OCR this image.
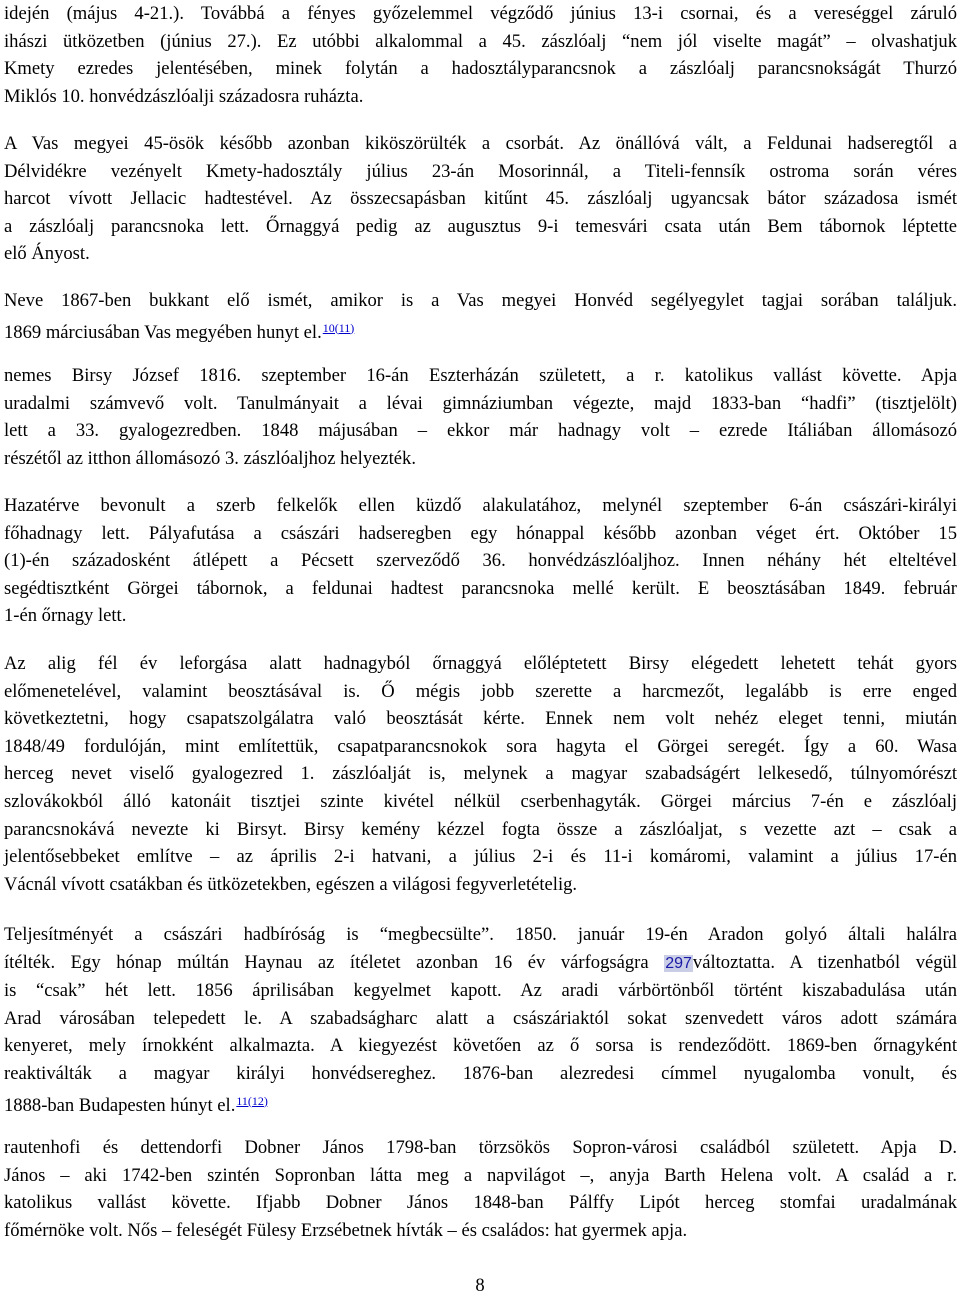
idején (május 4-21.). Továbbá a fényes győzelemmel végződő június 13-i csornai, és a vereséggel záruló
ihászi ütközetben (június 27.). Ez utóbbi alkalommal a 45. zászlóalj “nem jól viselte magát” – olvashatjuk
Kmety ezredes jelentésében, minek folytán a hadosztályparancsnok a zászlóalj parancsnokságát Thurzó
Miklós 10. honvédzászlóalji századosra ruházta.

A Vas megyei 45-ösök később azonban kiköszörülték a csorbát. Az önállóvá vált, a Feldunai hadseregtől a
Délvidékre vezényelt Kmety-hadosztály július 23-án Mosorinnál, a Titeli-fennsík ostroma során véres
harcot vívott Jellacic hadtestével. Az összecsapásban kitűnt 45. zászlóalj ugyancsak bátor századosa ismét
a zászlóalj parancsnoka lett. Őrnaggyá pedig az augusztus 9-i temesvári csata után Bem tábornok léptette
elő Ányost.

Neve 1867-ben bukkant elő ismét, amikor is a Vas megyei Honvéd segélyegylet tagjai sorában találjuk.
1869 márciusában Vas megyében hunyt el.$^{10(11)}$

nemes Birsy József 1816. szeptember 16-án Eszterházán született, a r. katolikus vallást követte. Apja
uradalmi számvevő volt. Tanulmányait a lévai gimnáziumban végezte, majd 1833-ban “hadfi” (tisztjelölt)
lett a 33. gyalogezredben. 1848 májusában – ekkor már hadnagy volt – ezrede Itáliában állomásozó
részétől az itthon állomásozó 3. zászlóaljhoz helyezték.

Hazatérve bevonult a szerb felkelők ellen küzdő alakulatához, melynél szeptember 6-án császári-királyi
főhadnagy lett. Pályafutása a császári hadseregben egy hónappal később azonban véget ért. Október 15
(1)-én századosként átlépett a Pécsett szerveződő 36. honvédzászlóaljhoz. Innen néhány hét elteltével
segédtisztként Görgei tábornok, a feldunai hadtest parancsnoka mellé került. E beosztásában 1849. február
1-én őrnagy lett.

Az alig fél év leforgása alatt hadnagyból őrnaggyá előléptetett Birsy elégedett lehetett tehát gyors
előmenetelével, valamint beosztásával is. Ő mégis jobb szerette a harcmezőt, legalább is erre enged
következtetni, hogy csapatszolgálatra való beosztását kérte. Ennek nem volt nehéz eleget tenni, miután
1848/49 fordulóján, mint említettük, csapatparancsnokok sora hagyta el Görgei seregét. Így a 60. Wasa
herceg nevet viselő gyalogezred 1. zászlóalját is, melynek a magyar szabadságért lelkesedő, túlnyomórészt
szlovákokból álló katonáit tisztjei szinte kivétel nélkül cserbenhagyták. Görgei március 7-én e zászlóalj
parancsnokává nevezte ki Birsyt. Birsy kemény kézzel fogta össze a zászlóaljat, s vezette azt – csak a
jelentősebbeket említve – az április 2-i hatvani, a július 2-i és 11-i komáromi, valamint a július 17-én
Vácnál vívott csatákban és ütközetekben, egészen a világosi fegyverletételig.

Teljesítményét a császári hadbíróság is “megbecsülte”. 1850. január 19-én Aradon golyó általi halálra
ítélték. Egy hónap múltán Haynau az ítéletet azonban 16 év várfogságra 297változtatta. A tizenhatból végül
is “csak” hét lett. 1856 áprilisában kegyelmet kapott. Az aradi várbörtönből történt kiszabadulása után
Arad városában telepedett le. A szabadságharc alatt a császáriaktól sokat szenvedett város adott számára
kenyeret, mely írnokként alkalmazta. A kiegyezést követően az ő sorsa is rendeződött. 1869-ben őrnagyként
reaktiválták a magyar királyi honvédsereghez. 1876-ban alezredesi címmel nyugalomba vonult, és
1888-ban Budapesten húnyt el.$^{11(12)}$

rautenhofi és dettendorfi Dobner János 1798-ban törzsökös Sopron-városi családból született. Apja D.
János – aki 1742-ben szintén Sopronban látta meg a napvilágot –, anyja Barth Helena volt. A család a r.
katolikus vallást követte. Ifjabb Dobner János 1848-ban Pálffy Lipót herceg stomfai uradalmának
főmérnöke volt. Nős – feleségét Fülesy Erzsébetnek hívták – és családos: hat gyermek apja.

8
